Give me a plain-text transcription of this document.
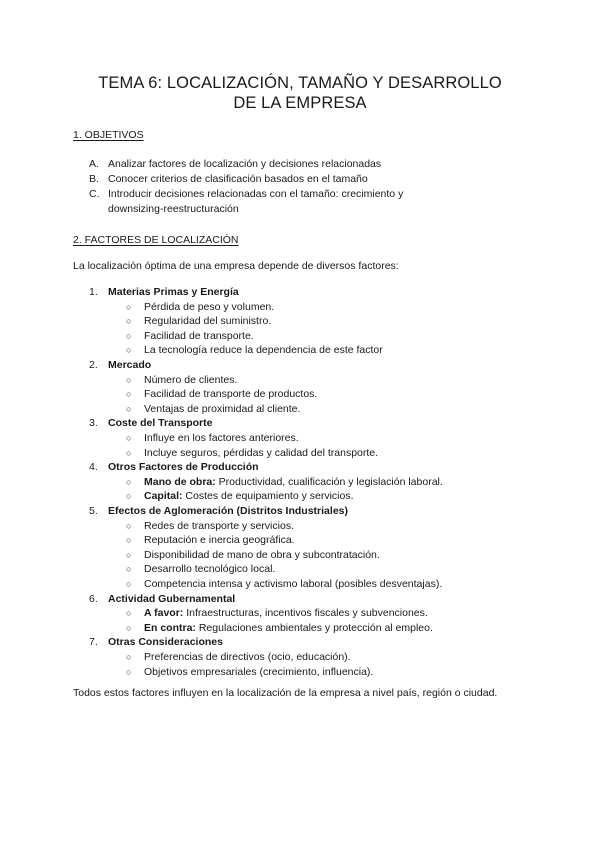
TEMA 6: LOCALIZACIÓN, TAMAÑO Y DESARROLLO
DE LA EMPRESA
1. OBJETIVOS
A. Analizar factores de localización y decisiones relacionadas
B. Conocer criterios de clasificación basados en el tamaño
C. Introducir decisiones relacionadas con el tamaño: crecimiento y
downsizing-reestructuración
2. FACTORES DE LOCALIZACIÓN
La localización óptima de una empresa depende de diversos factores:
1. Materias Primas y Energía
○ Pérdida de peso y volumen.
○ Regularidad del suministro.
○ Facilidad de transporte.
○ La tecnología reduce la dependencia de este factor
2. Mercado
○ Número de clientes.
○ Facilidad de transporte de productos.
○ Ventajas de proximidad al cliente.
3. Coste del Transporte
○ Influye en los factores anteriores.
○ Incluye seguros, pérdidas y calidad del transporte.
4. Otros Factores de Producción
○ Mano de obra: Productividad, cualificación y legislación laboral.
○ Capital: Costes de equipamiento y servicios.
5. Efectos de Aglomeración (Distritos Industriales)
○ Redes de transporte y servicios.
○ Reputación e inercia geográfica.
○ Disponibilidad de mano de obra y subcontratación.
○ Desarrollo tecnológico local.
○ Competencia intensa y activismo laboral (posibles desventajas).
6. Actividad Gubernamental
○ A favor: Infraestructuras, incentivos fiscales y subvenciones.
○ En contra: Regulaciones ambientales y protección al empleo.
7. Otras Consideraciones
○ Preferencias de directivos (ocio, educación).
○ Objetivos empresariales (crecimiento, influencia).
Todos estos factores influyen en la localización de la empresa a nivel país, región o ciudad.
